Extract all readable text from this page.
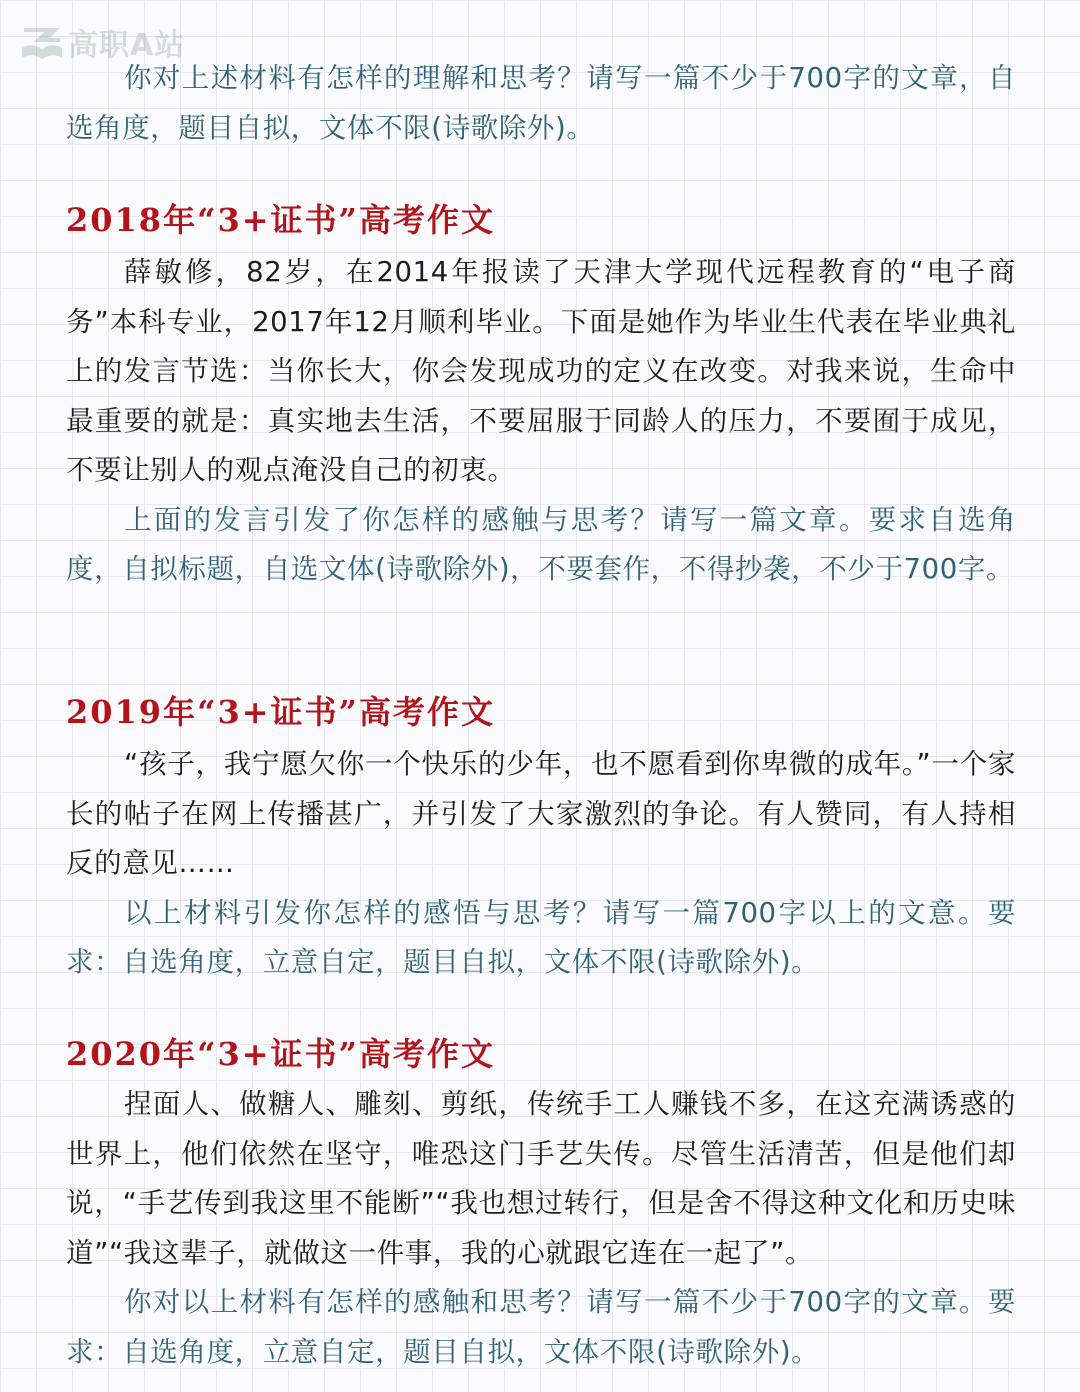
高职A站

你对上述材料有怎样的理解和思考？请写一篇不少于700字的文章，自选角度，题目自拟，文体不限(诗歌除外)。

2018年“3+证书”高考作文

薛敏修，82岁，在2014年报读了天津大学现代远程教育的“电子商务”本科专业，2017年12月顺利毕业。下面是她作为毕业生代表在毕业典礼上的发言节选：当你长大，你会发现成功的定义在改变。对我来说，生命中最重要的就是：真实地去生活，不要屈服于同龄人的压力，不要囿于成见，不要让别人的观点淹没自己的初衷。

上面的发言引发了你怎样的感触与思考？请写一篇文章。要求自选角度，自拟标题，自选文体(诗歌除外)，不要套作，不得抄袭，不少于700字。

2019年“3+证书”高考作文

“孩子，我宁愿欠你一个快乐的少年，也不愿看到你卑微的成年。”一个家长的帖子在网上传播甚广，并引发了大家激烈的争论。有人赞同，有人持相反的意见……

以上材料引发你怎样的感悟与思考？请写一篇700字以上的文意。要求：自选角度，立意自定，题目自拟，文体不限(诗歌除外)。

2020年“3+证书”高考作文

捏面人、做糖人、雕刻、剪纸，传统手工人赚钱不多，在这充满诱惑的世界上，他们依然在坚守，唯恐这门手艺失传。尽管生活清苦，但是他们却说，“手艺传到我这里不能断”“我也想过转行，但是舍不得这种文化和历史味道”“我这辈子，就做这一件事，我的心就跟它连在一起了”。

你对以上材料有怎样的感触和思考？请写一篇不少于700字的文章。要求：自选角度，立意自定，题目自拟，文体不限(诗歌除外)。
